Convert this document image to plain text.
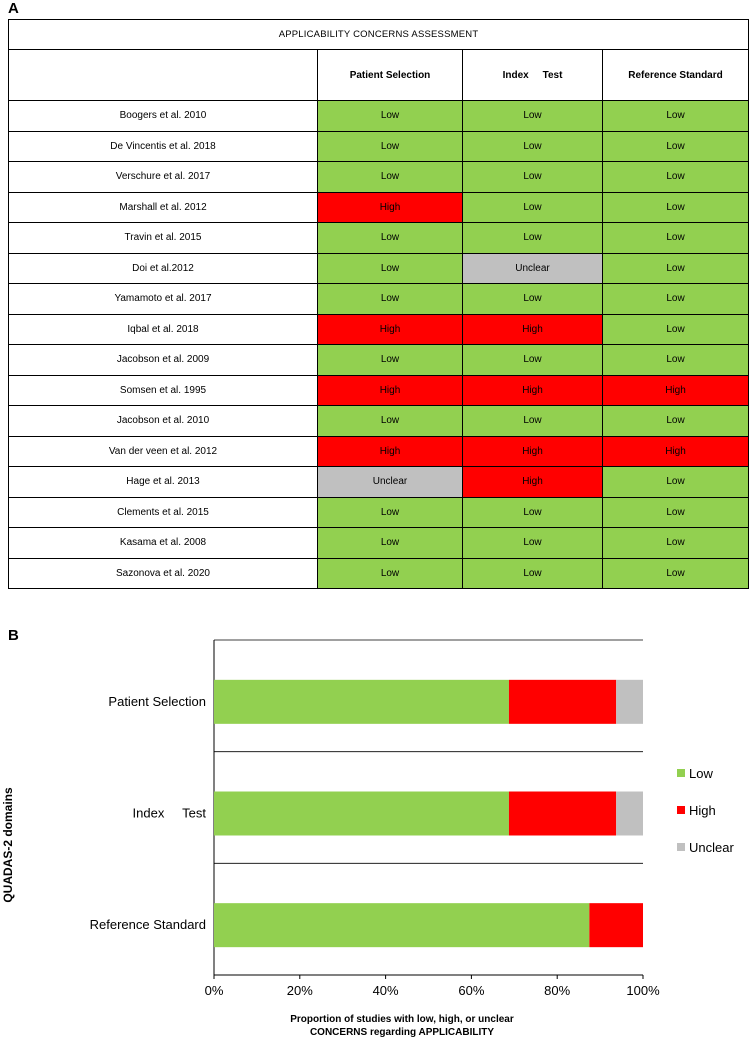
A
APPLICABILITY CONCERNS ASSESSMENT			
	Patient Selection	Index     Test	Reference Standard
Boogers et al. 2010	Low	Low	Low
De Vincentis et al. 2018	Low	Low	Low
Verschure et al. 2017	Low	Low	Low
Marshall et al. 2012	High	Low	Low
Travin et al. 2015	Low	Low	Low
Doi et al.2012	Low	Unclear	Low
Yamamoto et al. 2017	Low	Low	Low
Iqbal et al. 2018	High	High	Low
Jacobson et al. 2009	Low	Low	Low
Somsen et al. 1995	High	High	High
Jacobson et al. 2010	Low	Low	Low
Van der veen et al. 2012	High	High	High
Hage et al. 2013	Unclear	High	Low
Clements et al. 2015	Low	Low	Low
Kasama et al. 2008	Low	Low	Low
Sazonova et al. 2020	Low	Low	Low
B
0%	20%	40%	60%	80%	100%
Patient Selection
Index     Test
Reference Standard
Low
High
Unclear
QUADAS-2 domains
Proportion of studies with low, high, or unclear
CONCERNS regarding APPLICABILITY
